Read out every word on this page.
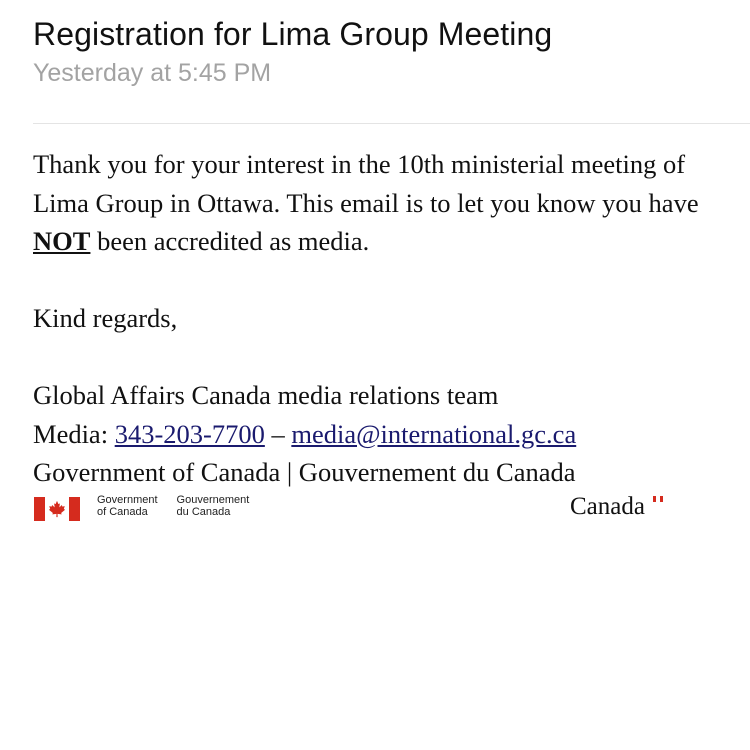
Registration for Lima Group Meeting
Yesterday at 5:45 PM

Thank you for your interest in the 10th ministerial meeting of Lima Group in Ottawa. This email is to let you know you have NOT been accredited as media.

Kind regards,

Global Affairs Canada media relations team

Media: 343-203-7700 – media@international.gc.ca

Government of Canada | Gouvernement du Canada

Government
of Canada
Gouvernement
du Canada	Canada
